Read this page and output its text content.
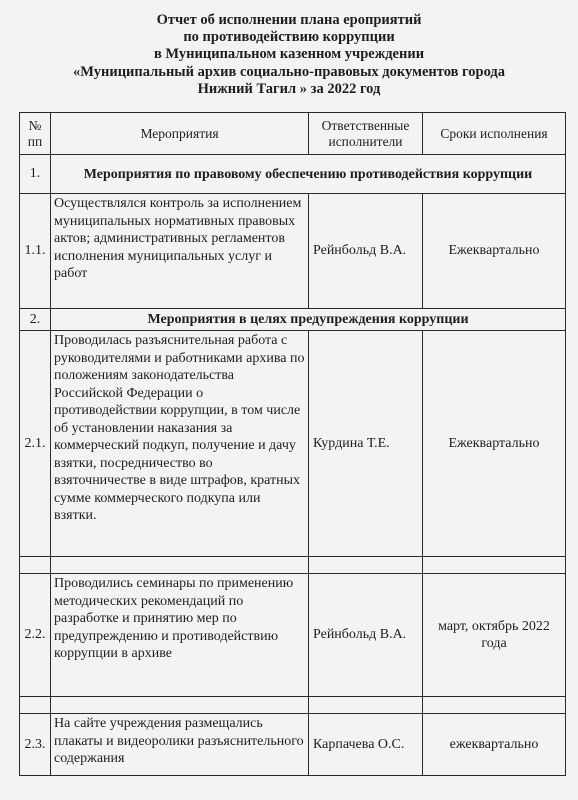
Отчет об исполнении плана ероприятий
по противодействию коррупции
в Муниципальном казенном учреждении
«Муниципальный архив социально-правовых документов города
Нижний Тагил » за 2022 год
№ пп	Мероприятия	Ответственные исполнители	Сроки исполнения
1.	Мероприятия по правовому обеспечению противодействия коррупции		
1.1.	Осуществлялся контроль за исполнением муниципальных нормативных правовых актов; административных регламентов исполнения муниципальных услуг и работ	Рейнбольд В.А.	Ежеквартально
2.	Мероприятия в целях предупреждения коррупции		
2.1.	Проводилась разъяснительная работа с руководителями и работниками архива по положениям законодательства Российской Федерации о противодействии коррупции, в том числе об установлении наказания за коммерческий подкуп, получение и дачу взятки, посредничество во взяточничестве в виде штрафов, кратных сумме коммерческого подкупа или взятки.	Курдина Т.Е.	Ежеквартально

2.2.	Проводились семинары по применению методических рекомендаций по разработке и принятию мер по предупреждению и противодействию коррупции в архиве	Рейнбольд В.А.	март, октябрь 2022 года

2.3.	На сайте учреждения размещались плакаты и видеоролики разъяснительного содержания	Карпачева О.С.	ежеквартально
